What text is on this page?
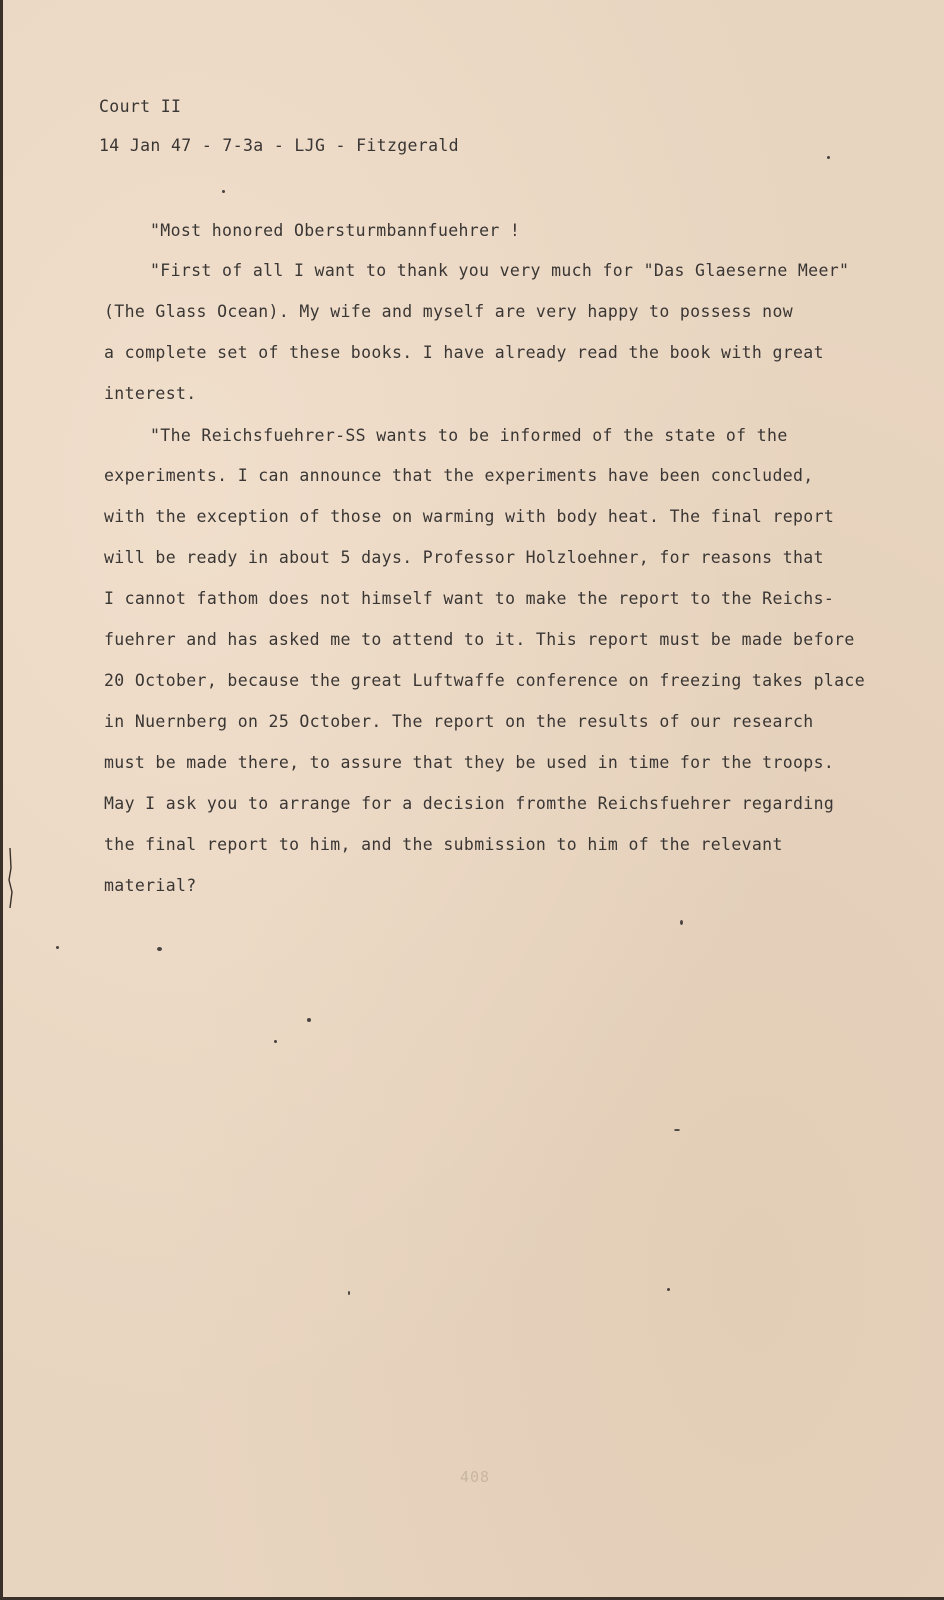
Court II
14 Jan 47 - 7-3a - LJG - Fitzgerald
"Most honored Obersturmbannfuehrer !
"First of all I want to thank you very much for "Das Glaeserne Meer"
(The Glass Ocean). My wife and myself are very happy to possess now
a complete set of these books. I have already read the book with great
interest.
"The Reichsfuehrer-SS wants to be informed of the state of the
experiments. I can announce that the experiments have been concluded,
with the exception of those on warming with body heat. The final report
will be ready in about 5 days. Professor Holzloehner, for reasons that
I cannot fathom does not himself want to make the report to the Reichs-
fuehrer and has asked me to attend to it. This report must be made before
20 October, because the great Luftwaffe conference on freezing takes place
in Nuernberg on 25 October. The report on the results of our research
must be made there, to assure that they be used in time for the troops.
May I ask you to arrange for a decision fromthe Reichsfuehrer regarding
the final report to him, and the submission to him of the relevant
material?
408
